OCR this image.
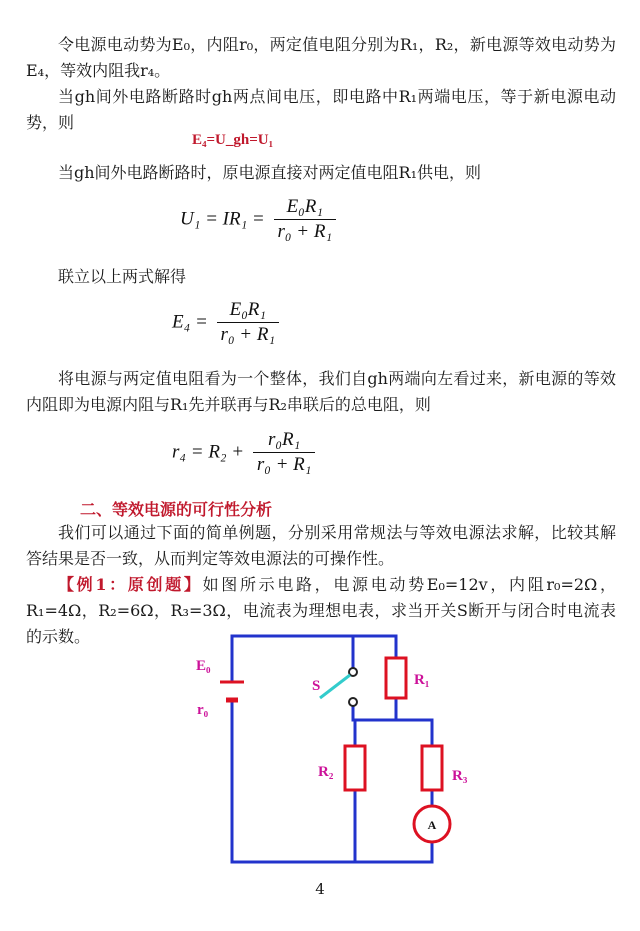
令电源电动势为E₀，内阻r₀，两定值电阻分别为R₁，R₂，新电源等效电动势为E₄，等效内阻我r₄。
当gh间外电路断路时gh两点间电压，即电路中R₁两端电压，等于新电源电动势，则
E₄=U_gh=U₁
当gh间外电路断路时，原电源直接对两定值电阻R₁供电，则
$U_1 = IR_1 = \frac{\text{E₀R₁}}{\text{r₀ + R₁}}$
联立以上两式解得
$E_4 = \frac{\text{E₀R₁}}{\text{r₀ + R₁}}$
将电源与两定值电阻看为一个整体，我们自gh两端向左看过来，新电源的等效内阻即为电源内阻与R₁先并联再与R₂串联后的总电阻，则
$r_4 = R_2 + \frac{\text{r₀R₁}}{\text{r₀ + R₁}}$
二、等效电源的可行性分析
我们可以通过下面的简单例题，分别采用常规法与等效电源法求解，比较其解答结果是否一致，从而判定等效电源法的可操作性。
【例1：原创题】如图所示电路，电源电动势E₀=12v，内阻r₀=2Ω，R₁=4Ω，R₂=6Ω，R₃=3Ω，电流表为理想电表，求当开关S断开与闭合时电流表的示数。
A
E₀
r₀
S	R₁
R₂	R₃
4
